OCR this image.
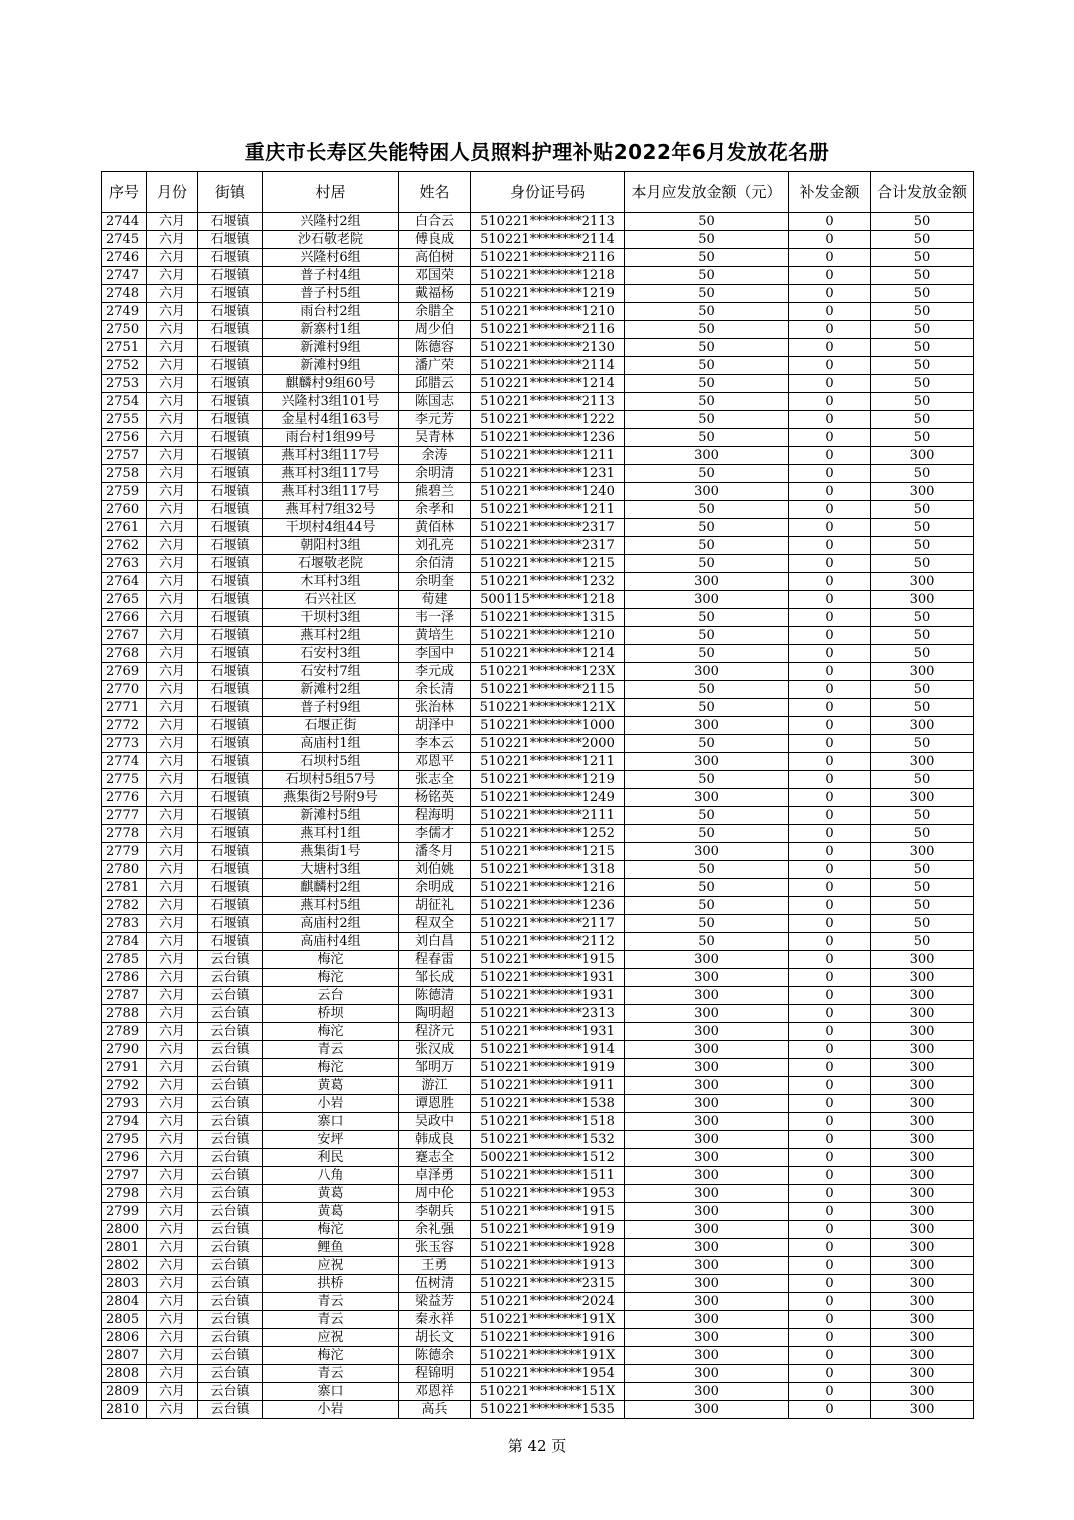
重庆市长寿区失能特困人员照料护理补贴2022年6月发放花名册
序号	月份	街镇	村居	姓名	身份证号码	本月应发放金额（元）	补发金额	合计发放金额
2744	六月	石堰镇	兴隆村2组	白合云	510221********2113	50	0	50
2745	六月	石堰镇	沙石敬老院	傅良成	510221********2114	50	0	50
2746	六月	石堰镇	兴隆村6组	高伯树	510221********2116	50	0	50
2747	六月	石堰镇	普子村4组	邓国荣	510221********1218	50	0	50
2748	六月	石堰镇	普子村5组	戴福杨	510221********1219	50	0	50
2749	六月	石堰镇	雨台村2组	余腊全	510221********1210	50	0	50
2750	六月	石堰镇	新寨村1组	周少伯	510221********2116	50	0	50
2751	六月	石堰镇	新滩村9组	陈德容	510221********2130	50	0	50
2752	六月	石堰镇	新滩村9组	潘广荣	510221********2114	50	0	50
2753	六月	石堰镇	麒麟村9组60号	邱腊云	510221********1214	50	0	50
2754	六月	石堰镇	兴隆村3组101号	陈国志	510221********2113	50	0	50
2755	六月	石堰镇	金星村4组163号	李元芳	510221********1222	50	0	50
2756	六月	石堰镇	雨台村1组99号	吴青林	510221********1236	50	0	50
2757	六月	石堰镇	燕耳村3组117号	余涛	510221********1211	300	0	300
2758	六月	石堰镇	燕耳村3组117号	余明清	510221********1231	50	0	50
2759	六月	石堰镇	燕耳村3组117号	熊碧兰	510221********1240	300	0	300
2760	六月	石堰镇	燕耳村7组32号	余孝和	510221********1211	50	0	50
2761	六月	石堰镇	干坝村4组44号	黄佰林	510221********2317	50	0	50
2762	六月	石堰镇	朝阳村3组	刘孔亮	510221********2317	50	0	50
2763	六月	石堰镇	石堰敬老院	余佰清	510221********1215	50	0	50
2764	六月	石堰镇	木耳村3组	余明奎	510221********1232	300	0	300
2765	六月	石堰镇	石兴社区	荀建	500115********1218	300	0	300
2766	六月	石堰镇	干坝村3组	韦一泽	510221********1315	50	0	50
2767	六月	石堰镇	燕耳村2组	黄培生	510221********1210	50	0	50
2768	六月	石堰镇	石安村3组	李国中	510221********1214	50	0	50
2769	六月	石堰镇	石安村7组	李元成	510221********123X	300	0	300
2770	六月	石堰镇	新滩村2组	余长清	510221********2115	50	0	50
2771	六月	石堰镇	普子村9组	张治林	510221********121X	50	0	50
2772	六月	石堰镇	石堰正街	胡泽中	510221********1000	300	0	300
2773	六月	石堰镇	高庙村1组	李本云	510221********2000	50	0	50
2774	六月	石堰镇	石坝村5组	邓恩平	510221********1211	300	0	300
2775	六月	石堰镇	石坝村5组57号	张志全	510221********1219	50	0	50
2776	六月	石堰镇	燕集街2号附9号	杨铭英	510221********1249	300	0	300
2777	六月	石堰镇	新滩村5组	程海明	510221********2111	50	0	50
2778	六月	石堰镇	燕耳村1组	李儒才	510221********1252	50	0	50
2779	六月	石堰镇	燕集街1号	潘冬月	510221********1215	300	0	300
2780	六月	石堰镇	大塘村3组	刘伯姚	510221********1318	50	0	50
2781	六月	石堰镇	麒麟村2组	余明成	510221********1216	50	0	50
2782	六月	石堰镇	燕耳村5组	胡征礼	510221********1236	50	0	50
2783	六月	石堰镇	高庙村2组	程双全	510221********2117	50	0	50
2784	六月	石堰镇	高庙村4组	刘白昌	510221********2112	50	0	50
2785	六月	云台镇	梅沱	程春雷	510221********1915	300	0	300
2786	六月	云台镇	梅沱	邹长成	510221********1931	300	0	300
2787	六月	云台镇	云台	陈德清	510221********1931	300	0	300
2788	六月	云台镇	桥坝	陶明超	510221********2313	300	0	300
2789	六月	云台镇	梅沱	程济元	510221********1931	300	0	300
2790	六月	云台镇	青云	张汉成	510221********1914	300	0	300
2791	六月	云台镇	梅沱	邹明万	510221********1919	300	0	300
2792	六月	云台镇	黄葛	游江	510221********1911	300	0	300
2793	六月	云台镇	小岩	谭恩胜	510221********1538	300	0	300
2794	六月	云台镇	寨口	吴政中	510221********1518	300	0	300
2795	六月	云台镇	安坪	韩成良	510221********1532	300	0	300
2796	六月	云台镇	利民	蹇志全	500221********1512	300	0	300
2797	六月	云台镇	八角	卓泽勇	510221********1511	300	0	300
2798	六月	云台镇	黄葛	周中伦	510221********1953	300	0	300
2799	六月	云台镇	黄葛	李朝兵	510221********1915	300	0	300
2800	六月	云台镇	梅沱	余礼强	510221********1919	300	0	300
2801	六月	云台镇	鲤鱼	张玉容	510221********1928	300	0	300
2802	六月	云台镇	应祝	王勇	510221********1913	300	0	300
2803	六月	云台镇	拱桥	伍树清	510221********2315	300	0	300
2804	六月	云台镇	青云	梁益芳	510221********2024	300	0	300
2805	六月	云台镇	青云	秦永祥	510221********191X	300	0	300
2806	六月	云台镇	应祝	胡长文	510221********1916	300	0	300
2807	六月	云台镇	梅沱	陈德余	510221********191X	300	0	300
2808	六月	云台镇	青云	程锦明	510221********1954	300	0	300
2809	六月	云台镇	寨口	邓恩祥	510221********151X	300	0	300
2810	六月	云台镇	小岩	高兵	510221********1535	300	0	300
第 42 页
